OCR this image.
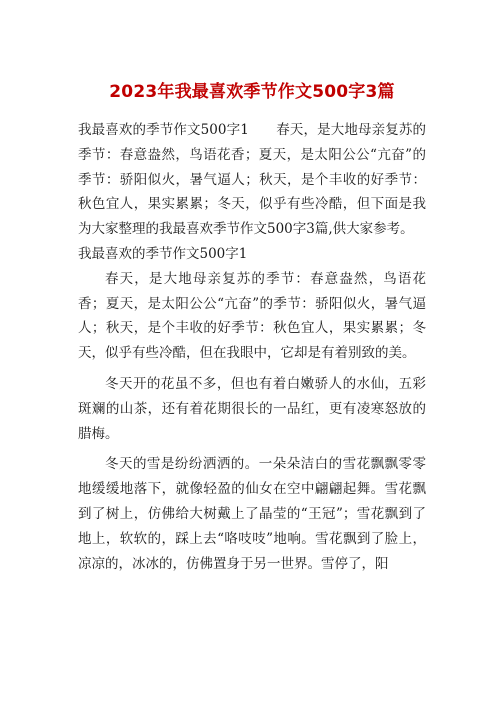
2023年我最喜欢季节作文500字3篇

我最喜欢的季节作文500字1　　春天，是大地母亲复苏的季节：春意盎然，鸟语花香；夏天，是太阳公公“亢奋”的季节：骄阳似火，暑气逼人；秋天，是个丰收的好季节：秋色宜人，果实累累；冬天，似乎有些冷酷，但下面是我为大家整理的我最喜欢季节作文500字3篇,供大家参考。

我最喜欢的季节作文500字1

春天，是大地母亲复苏的季节：春意盎然，鸟语花香；夏天，是太阳公公“亢奋”的季节：骄阳似火，暑气逼人；秋天，是个丰收的好季节：秋色宜人，果实累累；冬天，似乎有些冷酷，但在我眼中，它却是有着别致的美。

冬天开的花虽不多，但也有着白嫩骄人的水仙，五彩斑斓的山茶，还有着花期很长的一品红，更有凌寒怒放的腊梅。

冬天的雪是纷纷洒洒的。一朵朵洁白的雪花飘飘零零地缓缓地落下，就像轻盈的仙女在空中翩翩起舞。雪花飘到了树上，仿佛给大树戴上了晶莹的“王冠”；雪花飘到了地上，软软的，踩上去“咯吱吱”地响。雪花飘到了脸上，凉凉的，冰冰的，仿佛置身于另一世界。雪停了，阳
